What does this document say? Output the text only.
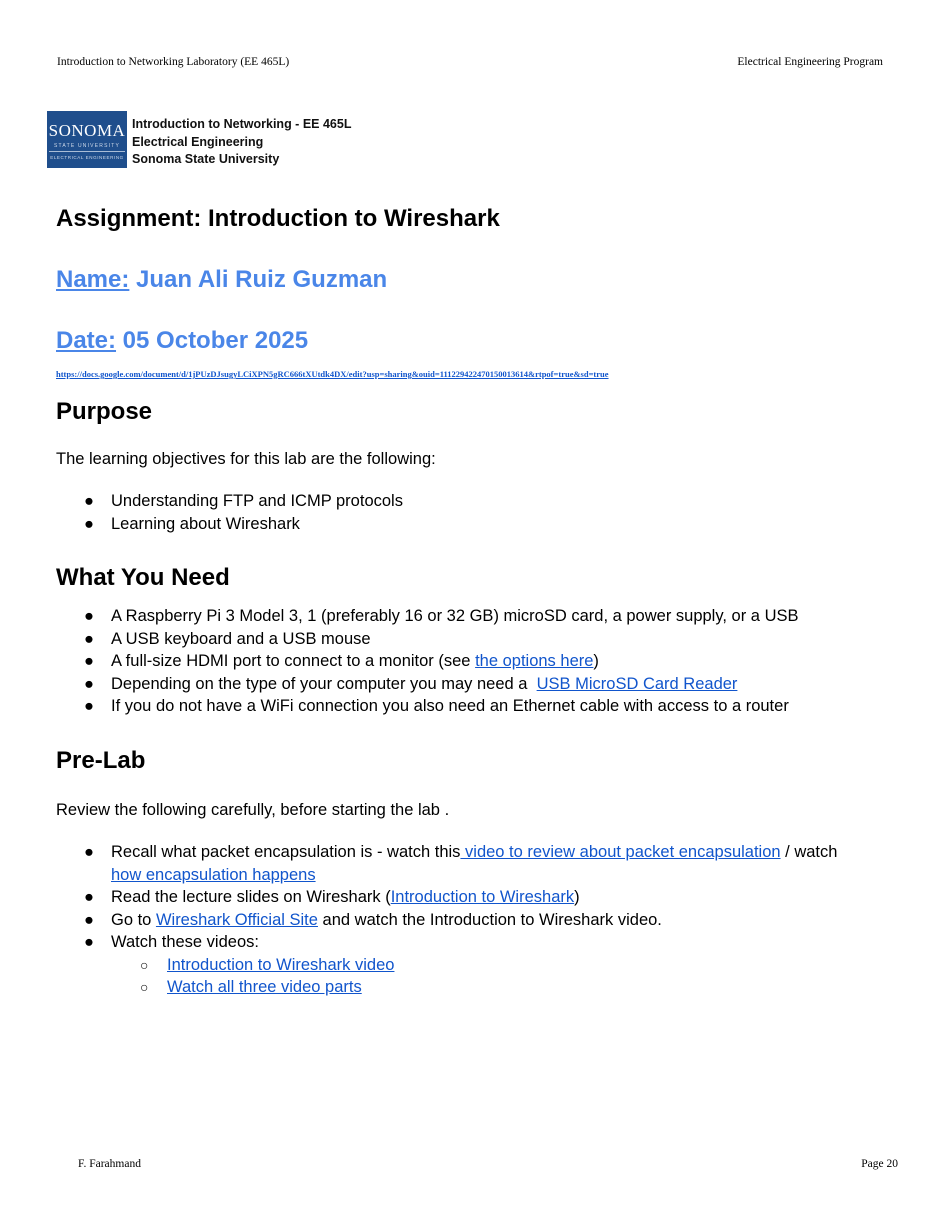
Introduction to Networking Laboratory (EE 465L)	Electrical Engineering Program
SONOMA
STATE UNIVERSITY
ELECTRICAL ENGINEERING
Introduction to Networking - EE 465L
Electrical Engineering
Sonoma State University
Assignment: Introduction to Wireshark
Name: Juan Ali Ruiz Guzman
Date: 05 October 2025
https://docs.google.com/document/d/1jPUzDJsugyLCiXPN5gRC666tXUtdk4DX/edit?usp=sharing&ouid=111229422470150013614&rtpof=true&sd=true
Purpose
The learning objectives for this lab are the following:
● Understanding FTP and ICMP protocols
● Learning about Wireshark
What You Need
● A Raspberry Pi 3 Model 3, 1 (preferably 16 or 32 GB) microSD card, a power supply, or a USB
● A USB keyboard and a USB mouse
● A full-size HDMI port to connect to a monitor (see the options here)
● Depending on the type of your computer you may need a  USB MicroSD Card Reader
● If you do not have a WiFi connection you also need an Ethernet cable with access to a router
Pre-Lab
Review the following carefully, before starting the lab .
● Recall what packet encapsulation is - watch this video to review about packet encapsulation / watch
how encapsulation happens
● Read the lecture slides on Wireshark (Introduction to Wireshark)
● Go to Wireshark Official Site and watch the Introduction to Wireshark video.
● Watch these videos:
○ Introduction to Wireshark video
○ Watch all three video parts
F. Farahmand	Page 20
